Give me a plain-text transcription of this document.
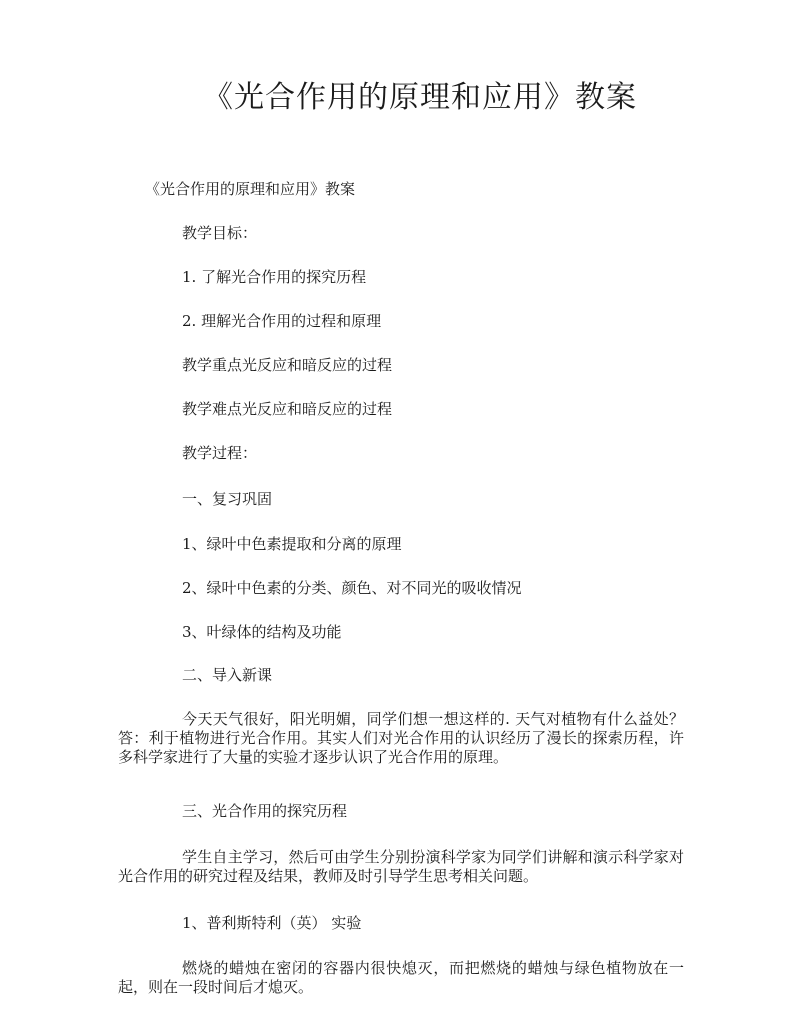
《光合作用的原理和应用》教案

《光合作用的原理和应用》教案

教学目标：

1. 了解光合作用的探究历程

2. 理解光合作用的过程和原理

教学重点光反应和暗反应的过程

教学难点光反应和暗反应的过程

教学过程：

一、复习巩固

1、绿叶中色素提取和分离的原理

2、绿叶中色素的分类、颜色、对不同光的吸收情况

3、叶绿体的结构及功能

二、导入新课

今天天气很好，阳光明媚，同学们想一想这样的. 天气对植物有什么益处？答：利于植物进行光合作用。其实人们对光合作用的认识经历了漫长的探索历程，许多科学家进行了大量的实验才逐步认识了光合作用的原理。

三、光合作用的探究历程

学生自主学习，然后可由学生分别扮演科学家为同学们讲解和演示科学家对光合作用的研究过程及结果，教师及时引导学生思考相关问题。

1、普利斯特利（英） 实验

燃烧的蜡烛在密闭的容器内很快熄灭，而把燃烧的蜡烛与绿色植物放在一起，则在一段时间后才熄灭。
